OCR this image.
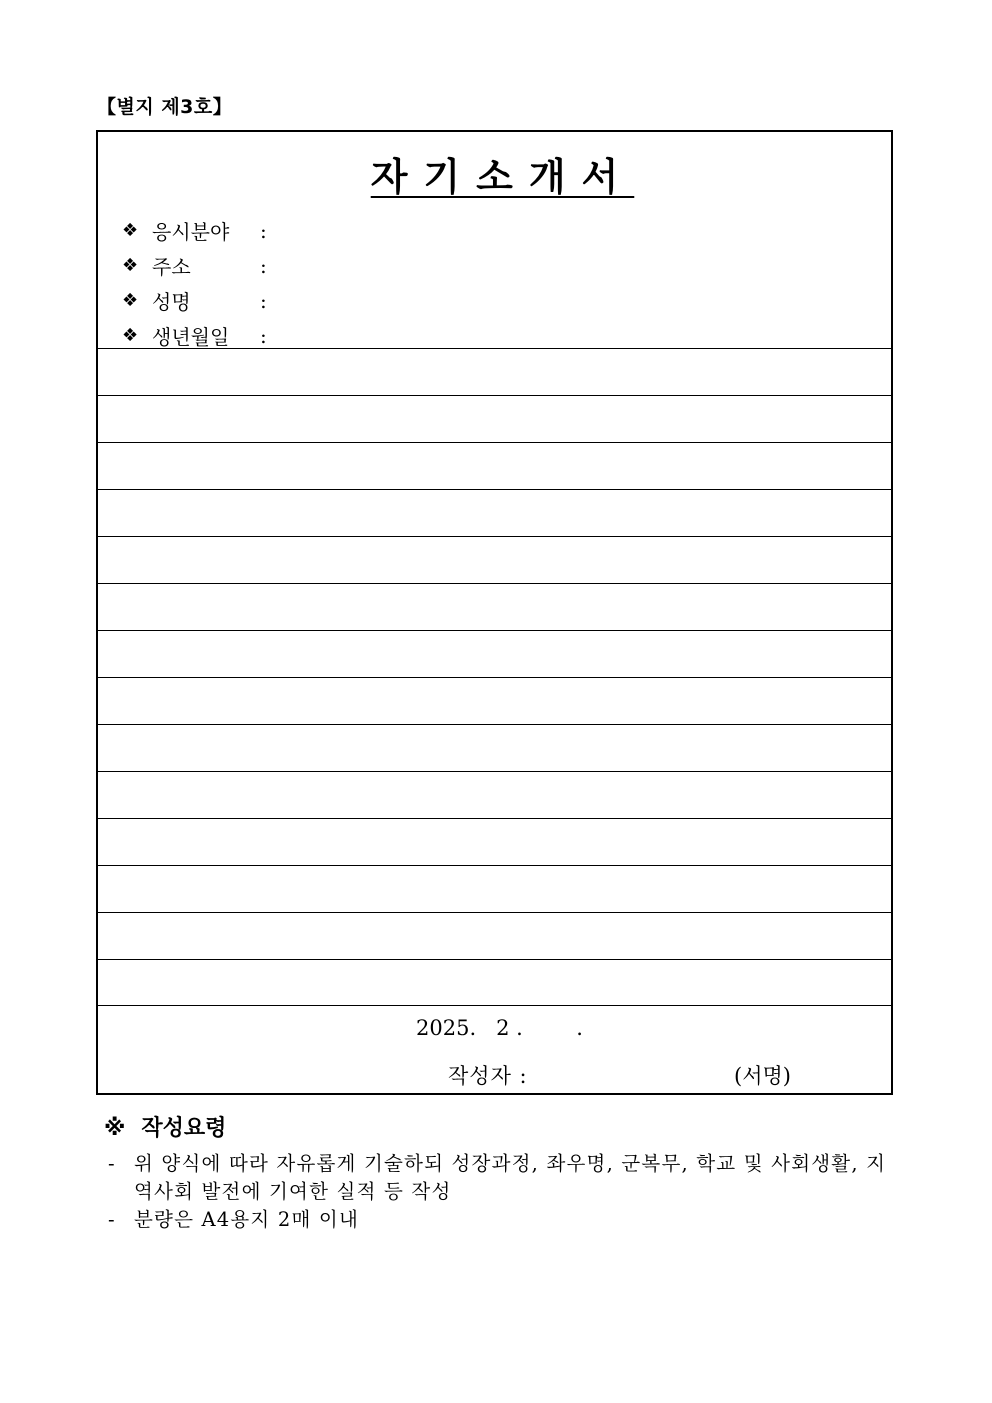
【별지 제3호】
자기소개서
❖ 응시분야	:
❖ 주소	:
❖ 성명	:
❖ 생년월일	:
2025.   2 .        .
작성자 :	(서명)
※ 작성요령
- 위 양식에 따라 자유롭게 기술하되 성장과정, 좌우명, 군복무, 학교 및 사회생활, 지역사회 발전에 기여한 실적 등 작성
- 분량은 A4용지 2매 이내
